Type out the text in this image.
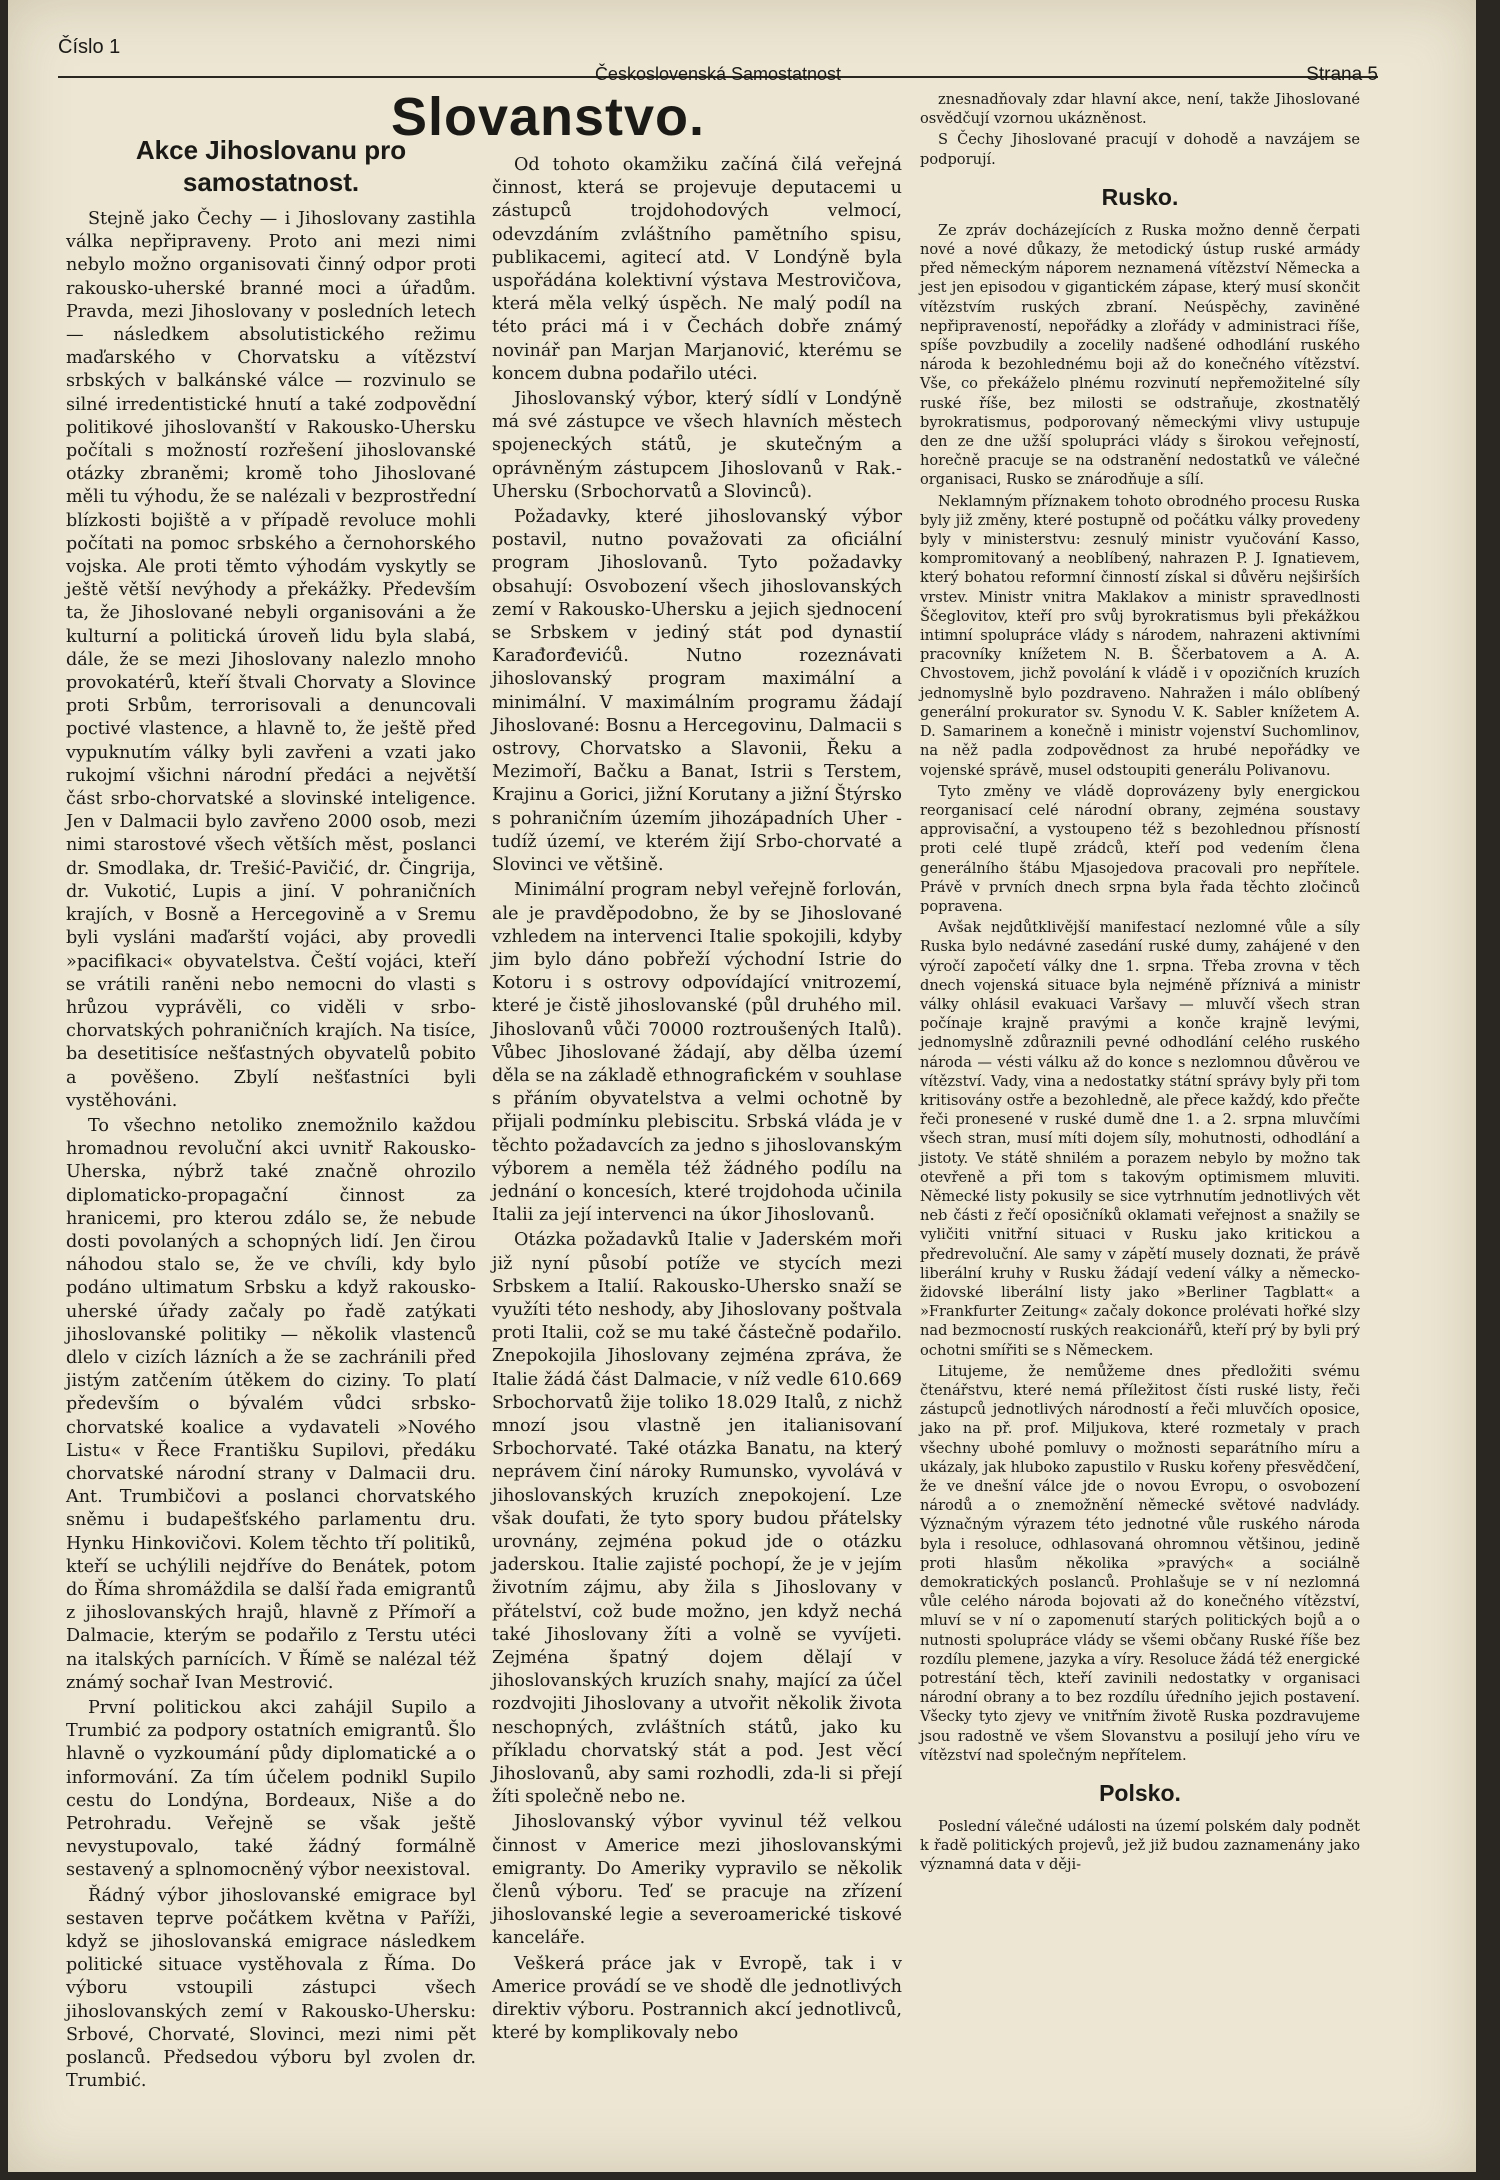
Číslo 1
Československá Samostatnost	Strana 5
Slovanstvo.
Akce Jihoslovanu pro samostatnost.

Stejně jako Čechy — i Jihoslovany zastihla válka nepřipraveny. Proto ani mezi nimi nebylo možno organisovati činný odpor proti rakousko-uherské branné moci a úřadům. Pravda, mezi Jihoslovany v posledních letech — následkem absolutistického režimu maďarského v Chorvatsku a vítězství srbských v balkánské válce — rozvinulo se silné irredentistické hnutí a také zodpovědní politikové jihoslovanští v Rakousko-Uhersku počítali s možností rozřešení jihoslovanské otázky zbraněmi; kromě toho Jihoslované měli tu výhodu, že se nalézali v bezprostřední blízkosti bojiště a v případě revoluce mohli počítati na pomoc srbského a černohorského vojska. Ale proti těmto výhodám vyskytly se ještě větší nevýhody a překážky. Především ta, že Jihoslované nebyli organisováni a že kulturní a politická úroveň lidu byla slabá, dále, že se mezi Jihoslovany nalezlo mnoho provokatérů, kteří štvali Chorvaty a Slovince proti Srbům, terrorisovali a denuncovali poctivé vlastence, a hlavně to, že ještě před vypuknutím války byli zavřeni a vzati jako rukojmí všichni národní předáci a největší část srbo-chorvatské a slovinské inteligence. Jen v Dalmacii bylo zavřeno 2000 osob, mezi nimi starostové všech větších měst, poslanci dr. Smodlaka, dr. Trešić-Pavičić, dr. Čingrija, dr. Vukotić, Lupis a jiní. V pohraničních krajích, v Bosně a Hercegovině a v Sremu byli vysláni maďarští vojáci, aby provedli »pacifikaci« obyvatelstva. Čeští vojáci, kteří se vrátili raněni nebo nemocni do vlasti s hrůzou vyprávěli, co viděli v srbo-chorvatských pohraničních krajích. Na tisíce, ba desetitisíce nešťastných obyvatelů pobito a pověšeno. Zbylí nešťastníci byli vystěhováni.

To všechno netoliko znemožnilo každou hromadnou revoluční akci uvnitř Rakousko-Uherska, nýbrž také značně ohrozilo diplomaticko-propagační činnost za hranicemi, pro kterou zdálo se, že nebude dosti povolaných a schopných lidí. Jen čirou náhodou stalo se, že ve chvíli, kdy bylo podáno ultimatum Srbsku a když rakousko-uherské úřady začaly po řadě zatýkati jihoslovanské politiky — několik vlastenců dlelo v cizích lázních a že se zachránili před jistým zatčením útěkem do ciziny. To platí především o bývalém vůdci srbsko-chorvatské koalice a vydavateli »Nového Listu« v Řece Františku Supilovi, předáku chorvatské národní strany v Dalmacii dru. Ant. Trumbičovi a poslanci chorvatského sněmu i budapešťského parlamentu dru. Hynku Hinkovičovi. Kolem těchto tří politiků, kteří se uchýlili nejdříve do Benátek, potom do Říma shromáždila se další řada emigrantů z jihoslovanských hrajů, hlavně z Přímoří a Dalmacie, kterým se podařilo z Terstu utéci na italských parnících. V Římě se nalézal též známý sochař Ivan Mestrović.

První politickou akci zahájil Supilo a Trumbić za podpory ostatních emigrantů. Šlo hlavně o vyzkoumání půdy diplomatické a o informování. Za tím účelem podnikl Supilo cestu do Londýna, Bordeaux, Niše a do Petrohradu. Veřejně se však ještě nevystupovalo, také žádný formálně sestavený a splnomocněný výbor neexistoval.

Řádný výbor jihoslovanské emigrace byl sestaven teprve počátkem května v Paříži, když se jihoslovanská emigrace následkem politické situace vystěhovala z Říma. Do výboru vstoupili zástupci všech jihoslovanských zemí v Rakousko-Uhersku: Srbové, Chorvaté, Slovinci, mezi nimi pět poslanců. Předsedou výboru byl zvolen dr. Trumbić.

Od tohoto okamžiku začíná čilá veřejná činnost, která se projevuje deputacemi u zástupců trojdohodových velmocí, odevzdáním zvláštního pamětního spisu, publikacemi, agitecí atd. V Londýně byla uspořádána kolektivní výstava Mestrovičova, která měla velký úspěch. Ne malý podíl na této práci má i v Čechách dobře známý novinář pan Marjan Marjanović, kterému se koncem dubna podařilo utéci.

Jihoslovanský výbor, který sídlí v Londýně má své zástupce ve všech hlavních městech spojeneckých států, je skutečným a oprávněným zástupcem Jihoslovanů v Rak.-Uhersku (Srbochorvatů a Slovinců).

Požadavky, které jihoslovanský výbor postavil, nutno považovati za oficiální program Jihoslovanů. Tyto požadavky obsahují: Osvobození všech jihoslovanských zemí v Rakousko-Uhersku a jejich sjednocení se Srbskem v jediný stát pod dynastií Karađorđevićů. Nutno rozeznávati jihoslovanský program maximální a minimální. V maximálním programu žádají Jihoslované: Bosnu a Hercegovinu, Dalmacii s ostrovy, Chorvatsko a Slavonii, Řeku a Mezimoří, Bačku a Banat, Istrii s Terstem, Krajinu a Gorici, jižní Korutany a jižní Štýrsko s pohraničním územím jihozápadních Uher - tudíž území, ve kterém žijí Srbo-chorvaté a Slovinci ve většině.

Minimální program nebyl veřejně forlován, ale je pravděpodobno, že by se Jihoslované vzhledem na intervenci Italie spokojili, kdyby jim bylo dáno pobřeží východní Istrie do Kotoru i s ostrovy odpovídající vnitrozemí, které je čistě jihoslovanské (půl druhého mil. Jihoslovanů vůči 70000 roztroušených Italů). Vůbec Jihoslované žádají, aby dělba území děla se na základě ethnografickém v souhlase s přáním obyvatelstva a velmi ochotně by přijali podmínku plebiscitu. Srbská vláda je v těchto požadavcích za jedno s jihoslovanským výborem a neměla též žádného podílu na jednání o koncesích, které trojdohoda učinila Italii za její intervenci na úkor Jihoslovanů.

Otázka požadavků Italie v Jaderském moři již nyní působí potíže ve stycích mezi Srbskem a Italií. Rakousko-Uhersko snaží se využíti této neshody, aby Jihoslovany poštvala proti Italii, což se mu také částečně podařilo. Znepokojila Jihoslovany zejména zpráva, že Italie žádá část Dalmacie, v níž vedle 610.669 Srbochorvatů žije toliko 18.029 Italů, z nichž mnozí jsou vlastně jen italianisovaní Srbochorvaté. Také otázka Banatu, na který neprávem činí nároky Rumunsko, vyvolává v jihoslovanských kruzích znepokojení. Lze však doufati, že tyto spory budou přátelsky urovnány, zejména pokud jde o otázku jaderskou. Italie zajisté pochopí, že je v jejím životním zájmu, aby žila s Jihoslovany v přátelství, což bude možno, jen když nechá také Jihoslovany žíti a volně se vyvíjeti. Zejména špatný dojem dělají v jihoslovanských kruzích snahy, mající za účel rozdvojiti Jihoslovany a utvořit několik života neschopných, zvláštních států, jako ku příkladu chorvatský stát a pod. Jest věcí Jihoslovanů, aby sami rozhodli, zda-li si přejí žíti společně nebo ne.

Jihoslovanský výbor vyvinul též velkou činnost v Americe mezi jihoslovanskými emigranty. Do Ameriky vypravilo se několik členů výboru. Teď se pracuje na zřízení jihoslovanské legie a severoamerické tiskové kanceláře.

Veškerá práce jak v Evropě, tak i v Americe provádí se ve shodě dle jednotlivých direktiv výboru. Postrannich akcí jednotlivců, které by komplikovaly nebo

znesnadňovaly zdar hlavní akce, není, takže Jihoslované osvědčují vzornou ukázněnost.

S Čechy Jihoslované pracují v dohodě a navzájem se podporují.

Rusko.

Ze zpráv docházejících z Ruska možno denně čerpati nové a nové důkazy, že metodický ústup ruské armády před německým náporem neznamená vítězství Německa a jest jen episodou v gigantickém zápase, který musí skončit vítězstvím ruských zbraní. Neúspěchy, zaviněné nepřipraveností, nepořádky a zlořády v administraci říše, spíše povzbudily a zocelily nadšené odhodlání ruského národa k bezohlednému boji až do konečného vítězství. Vše, co překáželo plnému rozvinutí nepřemožitelné síly ruské říše, bez milosti se odstraňuje, zkostnatělý byrokratismus, podporovaný německými vlivy ustupuje den ze dne užší spolupráci vlády s širokou veřejností, horečně pracuje se na odstranění nedostatků ve válečné organisaci, Rusko se znárodňuje a sílí.

Neklamným příznakem tohoto obrodného procesu Ruska byly již změny, které postupně od počátku války provedeny byly v ministerstvu: zesnulý ministr vyučování Kasso, kompromitovaný a neoblíbený, nahrazen P. J. Ignatievem, který bohatou reformní činností získal si důvěru nejširších vrstev. Ministr vnitra Maklakov a ministr spravedlnosti Ščeglovitov, kteří pro svůj byrokratismus byli překážkou intimní spolupráce vlády s národem, nahrazeni aktivními pracovníky knížetem N. B. Ščerbatovem a A. A. Chvostovem, jichž povolání k vládě i v opozičních kruzích jednomyslně bylo pozdraveno. Nahražen i málo oblíbený generální prokurator sv. Synodu V. K. Sabler knížetem A. D. Samarinem a konečně i ministr vojenství Suchomlinov, na něž padla zodpovědnost za hrubé nepořádky ve vojenské správě, musel odstoupiti generálu Polivanovu.

Tyto změny ve vládě doprovázeny byly energickou reorganisací celé národní obrany, zejména soustavy approvisační, a vystoupeno též s bezohlednou přísností proti celé tlupě zrádců, kteří pod vedením člena generálního štábu Mjasojedova pracovali pro nepřítele. Právě v prvních dnech srpna byla řada těchto zločinců popravena.

Avšak nejdůtklivější manifestací nezlomné vůle a síly Ruska bylo nedávné zasedání ruské dumy, zahájené v den výročí započetí války dne 1. srpna. Třeba zrovna v těch dnech vojenská situace byla nejméně příznivá a ministr války ohlásil evakuaci Varšavy — mluvčí všech stran počínaje krajně pravými a konče krajně levými, jednomyslně zdůraznili pevné odhodlání celého ruského národa — vésti válku až do konce s nezlomnou důvěrou ve vítězství. Vady, vina a nedostatky státní správy byly při tom kritisovány ostře a bezohledně, ale přece každý, kdo přečte řeči pronesené v ruské dumě dne 1. a 2. srpna mluvčími všech stran, musí míti dojem síly, mohutnosti, odhodlání a jistoty. Ve státě shnilém a porazem nebylo by možno tak otevřeně a při tom s takovým optimismem mluviti. Německé listy pokusily se sice vytrhnutím jednotlivých vět neb části z řečí oposičníků oklamati veřejnost a snažily se vyličiti vnitřní situaci v Rusku jako kritickou a předrevoluční. Ale samy v zápětí musely doznati, že právě liberální kruhy v Rusku žádají vedení války a německo-židovské liberální listy jako »Berliner Tagblatt« a »Frankfurter Zeitung« začaly dokonce prolévati hořké slzy nad bezmocností ruských reakcionářů, kteří prý by byli prý ochotni smířiti se s Německem.

Litujeme, že nemůžeme dnes předložiti svému čtenářstvu, které nemá příležitost čísti ruské listy, řeči zástupců jednotlivých národností a řeči mluvčích oposice, jako na př. prof. Miljukova, které rozmetaly v prach všechny ubohé pomluvy o možnosti separátního míru a ukázaly, jak hluboko zapustilo v Rusku kořeny přesvědčení, že ve dnešní válce jde o novou Evropu, o osvobození národů a o znemožnění německé světové nadvlády. Význačným výrazem této jednotné vůle ruského národa byla i resoluce, odhlasovaná ohromnou většinou, jedině proti hlasům několika »pravých« a sociálně demokratických poslanců. Prohlašuje se v ní nezlomná vůle celého národa bojovati až do konečného vítězství, mluví se v ní o zapomenutí starých politických bojů a o nutnosti spolupráce vlády se všemi občany Ruské říše bez rozdílu plemene, jazyka a víry. Resoluce žádá též energické potrestání těch, kteří zavinili nedostatky v organisaci národní obrany a to bez rozdílu úředního jejich postavení. Všecky tyto zjevy ve vnitřním životě Ruska pozdravujeme jsou radostně ve všem Slovanstvu a posilují jeho víru ve vítězství nad společným nepřítelem.

Polsko.

Poslední válečné události na území polském daly podnět k řadě politických projevů, jež již budou zaznamenány jako významná data v ději-
